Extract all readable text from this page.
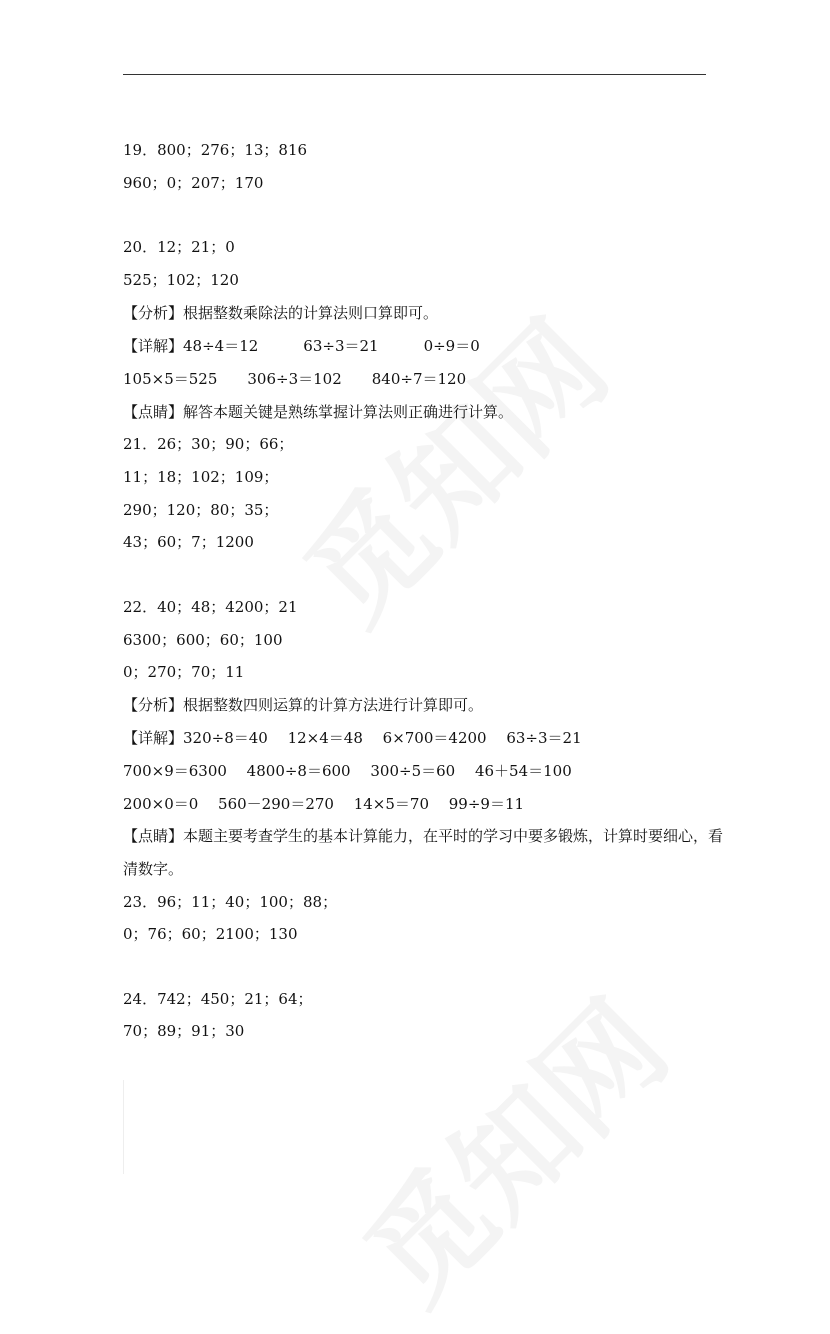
19．800；276；13；816
960；0；207；170
20．12；21；0
525；102；120
【分析】根据整数乘除法的计算法则口算即可。
【详解】48÷4＝12　　　63÷3＝21　　　0÷9＝0
105×5＝525　　306÷3＝102　　840÷7＝120
【点睛】解答本题关键是熟练掌握计算法则正确进行计算。
21．26；30；90；66；
11；18；102；109；
290；120；80；35；
43；60；7；1200
22．40；48；4200；21
6300；600；60；100
0；270；70；11
【分析】根据整数四则运算的计算方法进行计算即可。
【详解】320÷8＝40　 12×4＝48　 6×700＝4200　 63÷3＝21
700×9＝6300　 4800÷8＝600　 300÷5＝60　 46＋54＝100
200×0＝0　 560－290＝270　 14×5＝70　 99÷9＝11
【点睛】本题主要考查学生的基本计算能力，在平时的学习中要多锻炼，计算时要细心，看
清数字。
23．96；11；40；100；88；
0；76；60；2100；130
24．742；450；21；64；
70；89；91；30
